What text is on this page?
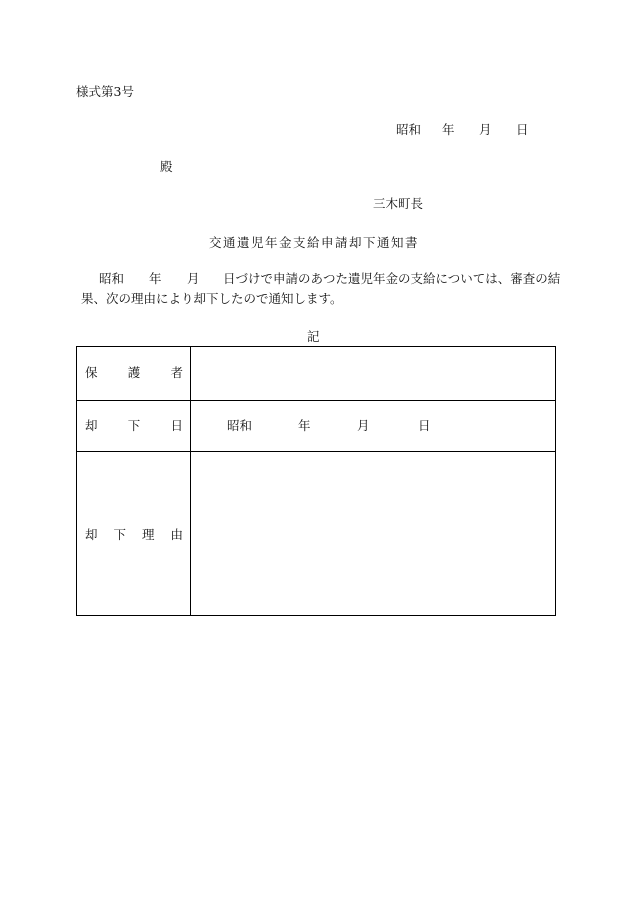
様式第3号
昭和 年 月 日
殿
三木町長
交通遺児年金支給申請却下通知書
昭和 年 月 日づけで申請のあつた遺児年金の支給については、審査の結
果、次の理由により却下したので通知します。
記
保 護 者
却 下 日	昭和	年	月	日
却 下 理 由
